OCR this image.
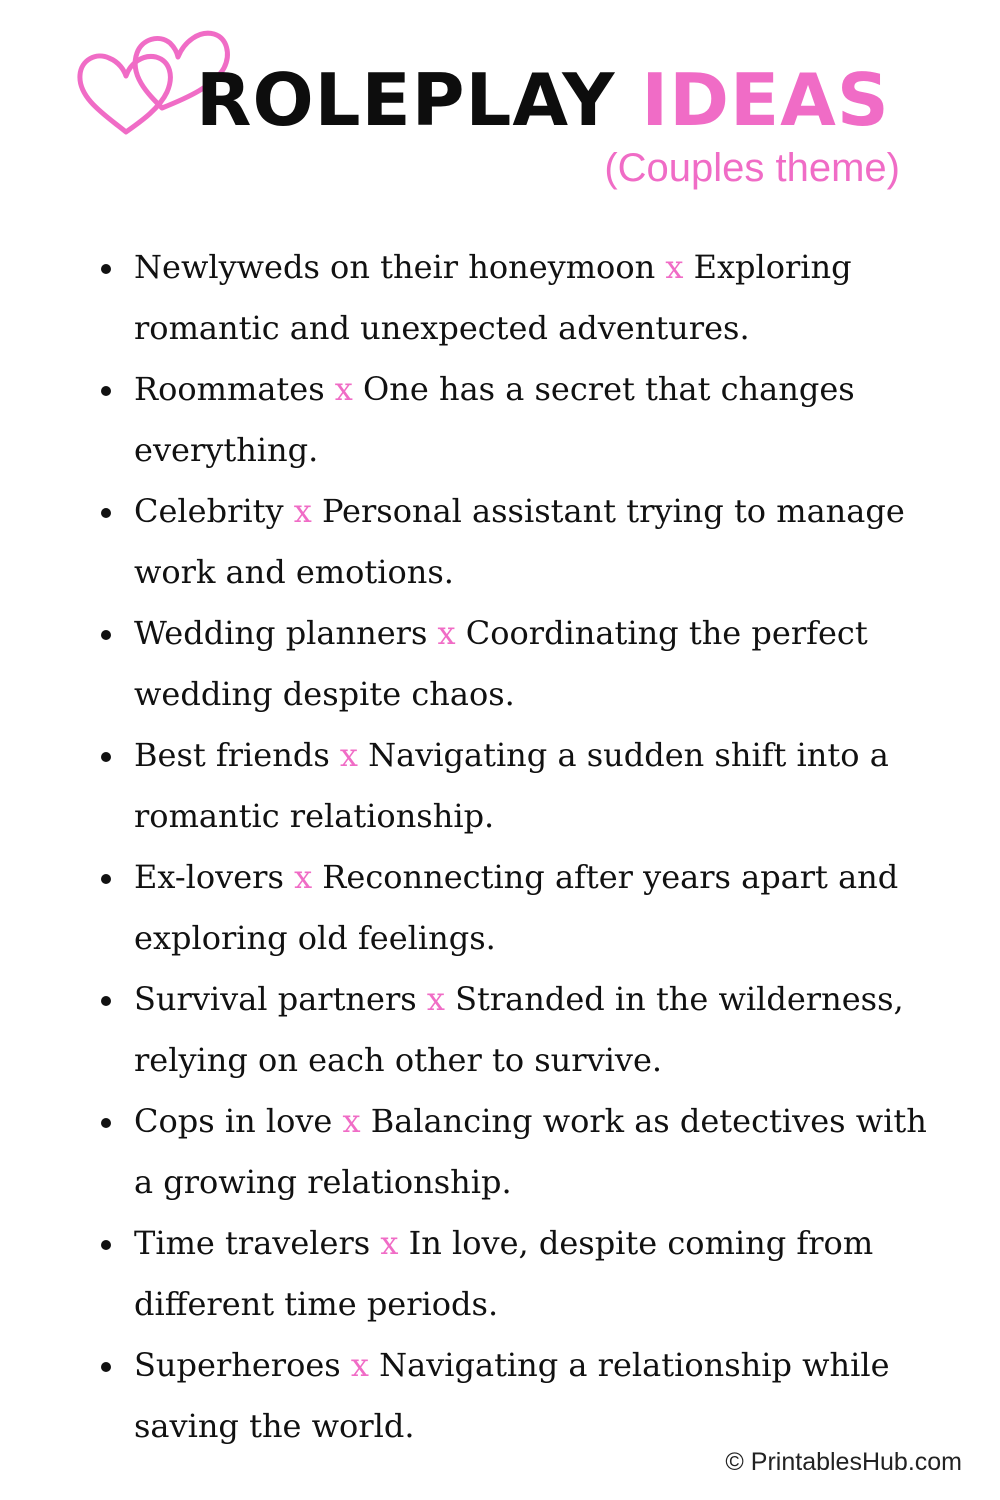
ROLEPLAY IDEAS
(Couples theme)
Newlyweds on their honeymoon x Exploring romantic and unexpected adventures.
Roommates x One has a secret that changes everything.
Celebrity x Personal assistant trying to manage work and emotions.
Wedding planners x Coordinating the perfect wedding despite chaos.
Best friends x Navigating a sudden shift into a romantic relationship.
Ex-lovers x Reconnecting after years apart and exploring old feelings.
Survival partners x Stranded in the wilderness, relying on each other to survive.
Cops in love x Balancing work as detectives with a growing relationship.
Time travelers x In love, despite coming from different time periods.
Superheroes x Navigating a relationship while saving the world.
© PrintablesHub.com
